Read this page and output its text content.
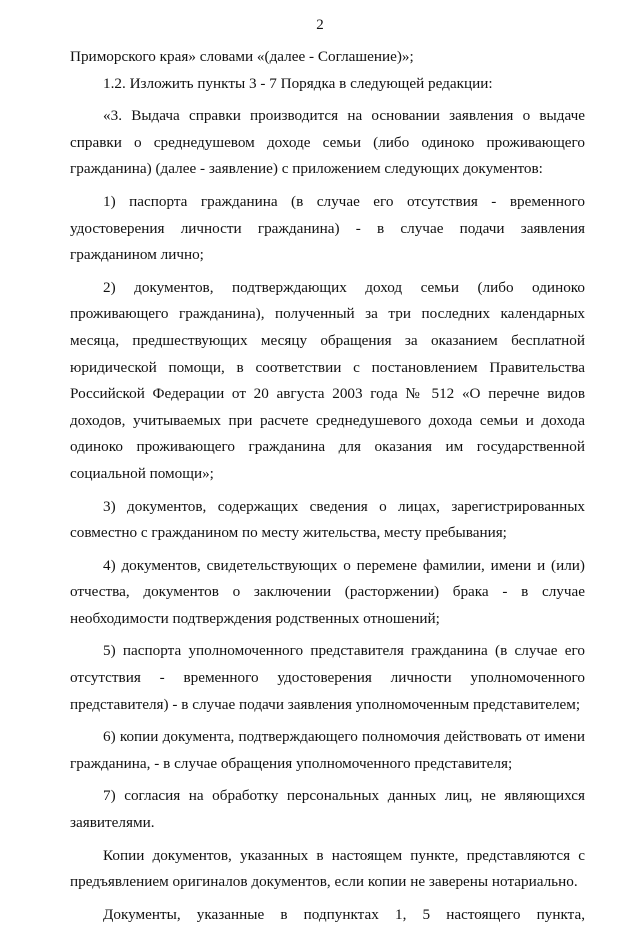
2

Приморского края» словами «(далее - Соглашение)»;

1.2. Изложить пункты 3 - 7 Порядка в следующей редакции:

«3. Выдача справки производится на основании заявления о выдаче справки о среднедушевом доходе семьи (либо одиноко проживающего гражданина) (далее - заявление) с приложением следующих документов:

1) паспорта гражданина (в случае его отсутствия - временного удостоверения личности гражданина) - в случае подачи заявления гражданином лично;

2) документов, подтверждающих доход семьи (либо одиноко проживающего гражданина), полученный за три последних календарных месяца, предшествующих месяцу обращения за оказанием бесплатной юридической помощи, в соответствии с постановлением Правительства Российской Федерации от 20 августа 2003 года № 512 «О перечне видов доходов, учитываемых при расчете среднедушевого дохода семьи и дохода одиноко проживающего гражданина для оказания им государственной социальной помощи»;

3) документов, содержащих сведения о лицах, зарегистрированных совместно с гражданином по месту жительства, месту пребывания;

4) документов, свидетельствующих о перемене фамилии, имени и (или) отчества, документов о заключении (расторжении) брака - в случае необходимости подтверждения родственных отношений;

5) паспорта уполномоченного представителя гражданина (в случае его отсутствия - временного удостоверения личности уполномоченного представителя) - в случае подачи заявления уполномоченным представителем;

6) копии документа, подтверждающего полномочия действовать от имени гражданина, - в случае обращения уполномоченного представителя;

7) согласия на обработку персональных данных лиц, не являющихся заявителями.

Копии документов, указанных в настоящем пункте, представляются с предъявлением оригиналов документов, если копии не заверены нотариально.

Документы, указанные в подпунктах 1, 5 настоящего пункта,
